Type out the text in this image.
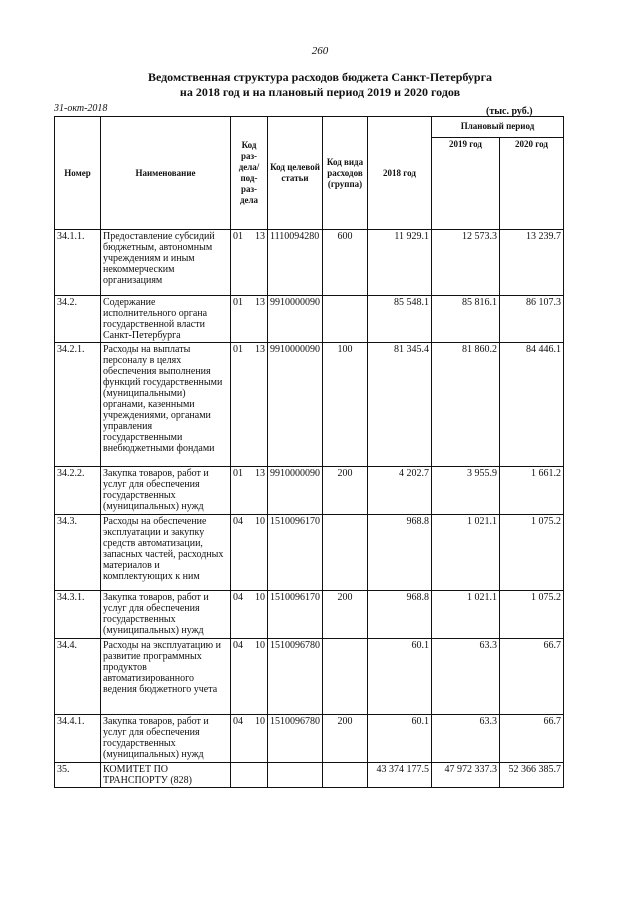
260
Ведомственная структура расходов бюджета Санкт-Петербурга
на 2018 год и на плановый период 2019 и 2020 годов
31-окт-2018	(тыс. руб.)
Номер	Наименование	Код раз-дела/ под-раз-дела		Код целевой статьи	Код вида расходов (группа)	2018 год	Плановый период	
							2019 год	2020 год
34.1.1.	Предоставление субсидий бюджетным, автономным учреждениям и иным некоммерческим организациям	01	13	1110094280	600	11 929.1	12 573.3	13 239.7
34.2.	Содержание исполнительного органа государственной власти Санкт-Петербурга	01	13	9910000090		85 548.1	85 816.1	86 107.3
34.2.1.	Расходы на выплаты персоналу в целях обеспечения выполнения функций государственными (муниципальными) органами, казенными учреждениями, органами управления государственными внебюджетными фондами	01	13	9910000090	100	81 345.4	81 860.2	84 446.1
34.2.2.	Закупка товаров, работ и услуг для обеспечения государственных (муниципальных) нужд	01	13	9910000090	200	4 202.7	3 955.9	1 661.2
34.3.	Расходы на обеспечение эксплуатации и закупку средств автоматизации, запасных частей, расходных материалов и комплектующих к ним	04	10	1510096170		968.8	1 021.1	1 075.2
34.3.1.	Закупка товаров, работ и услуг для обеспечения государственных (муниципальных) нужд	04	10	1510096170	200	968.8	1 021.1	1 075.2
34.4.	Расходы на эксплуатацию и развитие программных продуктов автоматизированного ведения бюджетного учета	04	10	1510096780		60.1	63.3	66.7
34.4.1.	Закупка товаров, работ и услуг для обеспечения государственных (муниципальных) нужд	04	10	1510096780	200	60.1	63.3	66.7
35.	КОМИТЕТ ПО ТРАНСПОРТУ (828)					43 374 177.5	47 972 337.3	52 366 385.7
